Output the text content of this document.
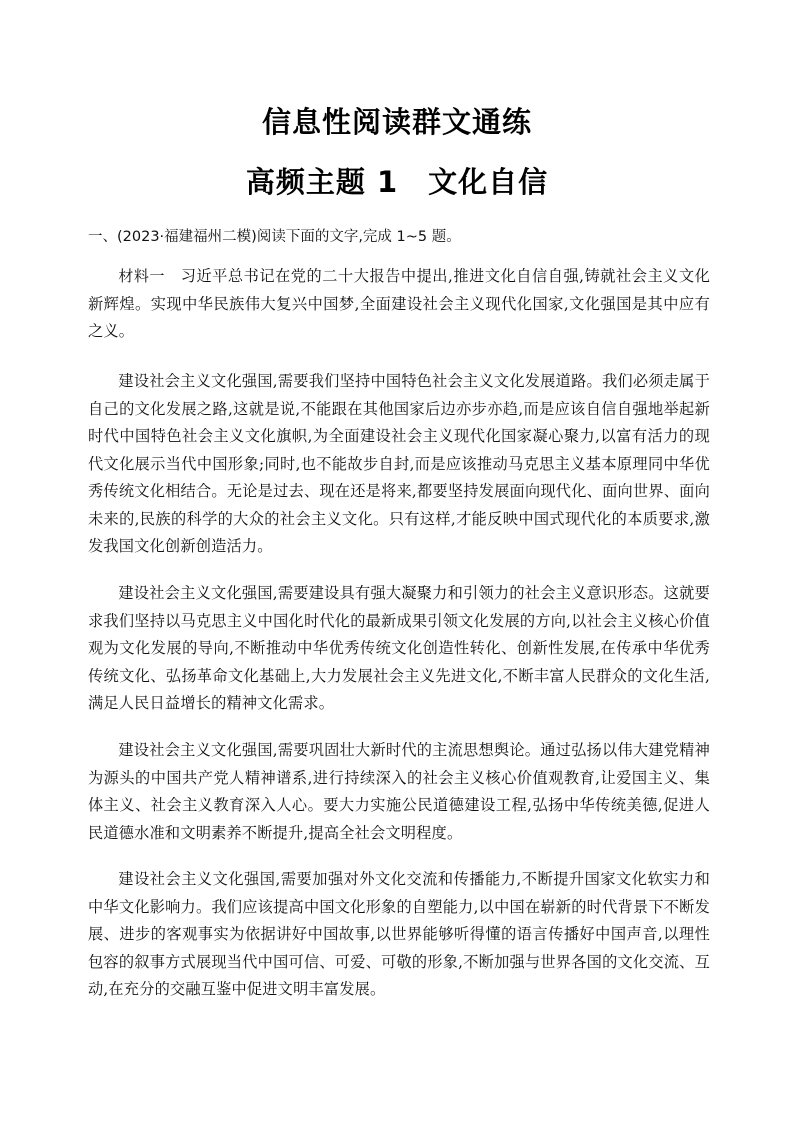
信息性阅读群文通练
高频主题 1 文化自信

一、(2023·福建福州二模)阅读下面的文字,完成 1~5 题。

材料一　 习近平总书记在党的二十大报告中提出,推进文化自信自强,铸就社会主义文化新辉煌。实现中华民族伟大复兴中国梦,全面建设社会主义现代化国家,文化强国是其中应有之义。

建设社会主义文化强国,需要我们坚持中国特色社会主义文化发展道路。我们必须走属于自己的文化发展之路,这就是说,不能跟在其他国家后边亦步亦趋,而是应该自信自强地举起新时代中国特色社会主义文化旗帜,为全面建设社会主义现代化国家凝心聚力,以富有活力的现代文化展示当代中国形象;同时,也不能故步自封,而是应该推动马克思主义基本原理同中华优秀传统文化相结合。无论是过去、现在还是将来,都要坚持发展面向现代化、面向世界、面向未来的,民族的科学的大众的社会主义文化。只有这样,才能反映中国式现代化的本质要求,激发我国文化创新创造活力。

建设社会主义文化强国,需要建设具有强大凝聚力和引领力的社会主义意识形态。这就要求我们坚持以马克思主义中国化时代化的最新成果引领文化发展的方向,以社会主义核心价值观为文化发展的导向,不断推动中华优秀传统文化创造性转化、创新性发展,在传承中华优秀传统文化、弘扬革命文化基础上,大力发展社会主义先进文化,不断丰富人民群众的文化生活,满足人民日益增长的精神文化需求。

建设社会主义文化强国,需要巩固壮大新时代的主流思想舆论。通过弘扬以伟大建党精神为源头的中国共产党人精神谱系,进行持续深入的社会主义核心价值观教育,让爱国主义、集体主义、社会主义教育深入人心。要大力实施公民道德建设工程,弘扬中华传统美德,促进人民道德水准和文明素养不断提升,提高全社会文明程度。

建设社会主义文化强国,需要加强对外文化交流和传播能力,不断提升国家文化软实力和中华文化影响力。我们应该提高中国文化形象的自塑能力,以中国在崭新的时代背景下不断发展、进步的客观事实为依据讲好中国故事,以世界能够听得懂的语言传播好中国声音,以理性包容的叙事方式展现当代中国可信、可爱、可敬的形象,不断加强与世界各国的文化交流、互动,在充分的交融互鉴中促进文明丰富发展。
